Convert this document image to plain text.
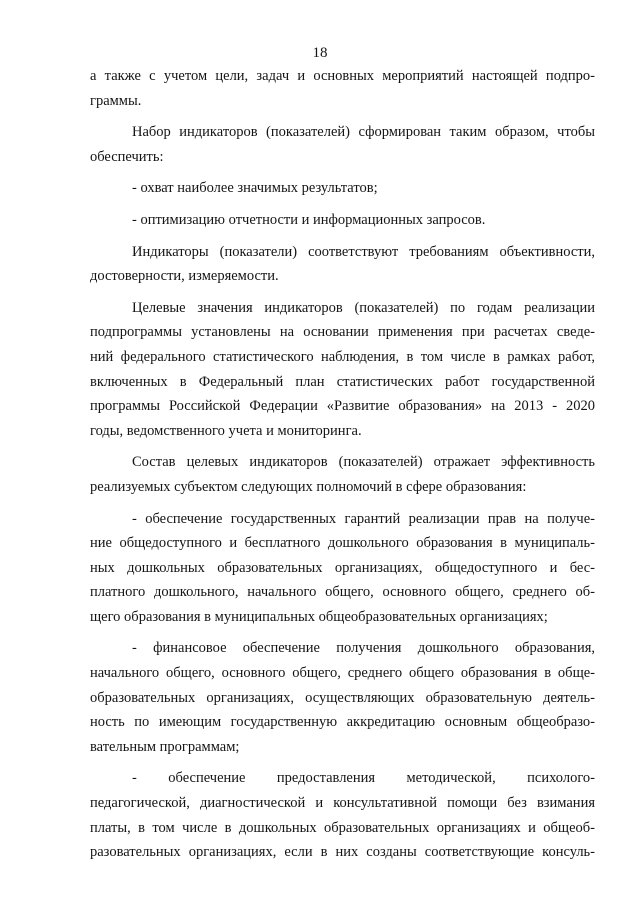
18
а также с учетом цели, задач и основных мероприятий настоящей подпро-
граммы.
Набор индикаторов (показателей) сформирован таким образом, чтобы
обеспечить:
- охват наиболее значимых результатов;
- оптимизацию отчетности и информационных запросов.
Индикаторы (показатели) соответствуют требованиям объективности,
достоверности, измеряемости.
Целевые значения индикаторов (показателей) по годам реализации
подпрограммы установлены на основании применения при расчетах сведе-
ний федерального статистического наблюдения, в том числе в рамках работ,
включенных в Федеральный план статистических работ государственной
программы Российской Федерации «Развитие образования» на 2013 - 2020
годы, ведомственного учета и мониторинга.
Состав целевых индикаторов (показателей) отражает эффективность
реализуемых субъектом следующих полномочий в сфере образования:
- обеспечение государственных гарантий реализации прав на получе-
ние общедоступного и бесплатного дошкольного образования в муниципаль-
ных дошкольных образовательных организациях, общедоступного и бес-
платного дошкольного, начального общего, основного общего, среднего об-
щего образования в муниципальных общеобразовательных организациях;
- финансовое обеспечение получения дошкольного образования,
начального общего, основного общего, среднего общего образования в обще-
образовательных организациях, осуществляющих образовательную деятель-
ность по имеющим государственную аккредитацию основным общеобразо-
вательным программам;
- обеспечение предоставления методической, психолого-
педагогической, диагностической и консультативной помощи без взимания
платы, в том числе в дошкольных образовательных организациях и общеоб-
разовательных организациях, если в них созданы соответствующие консуль-
